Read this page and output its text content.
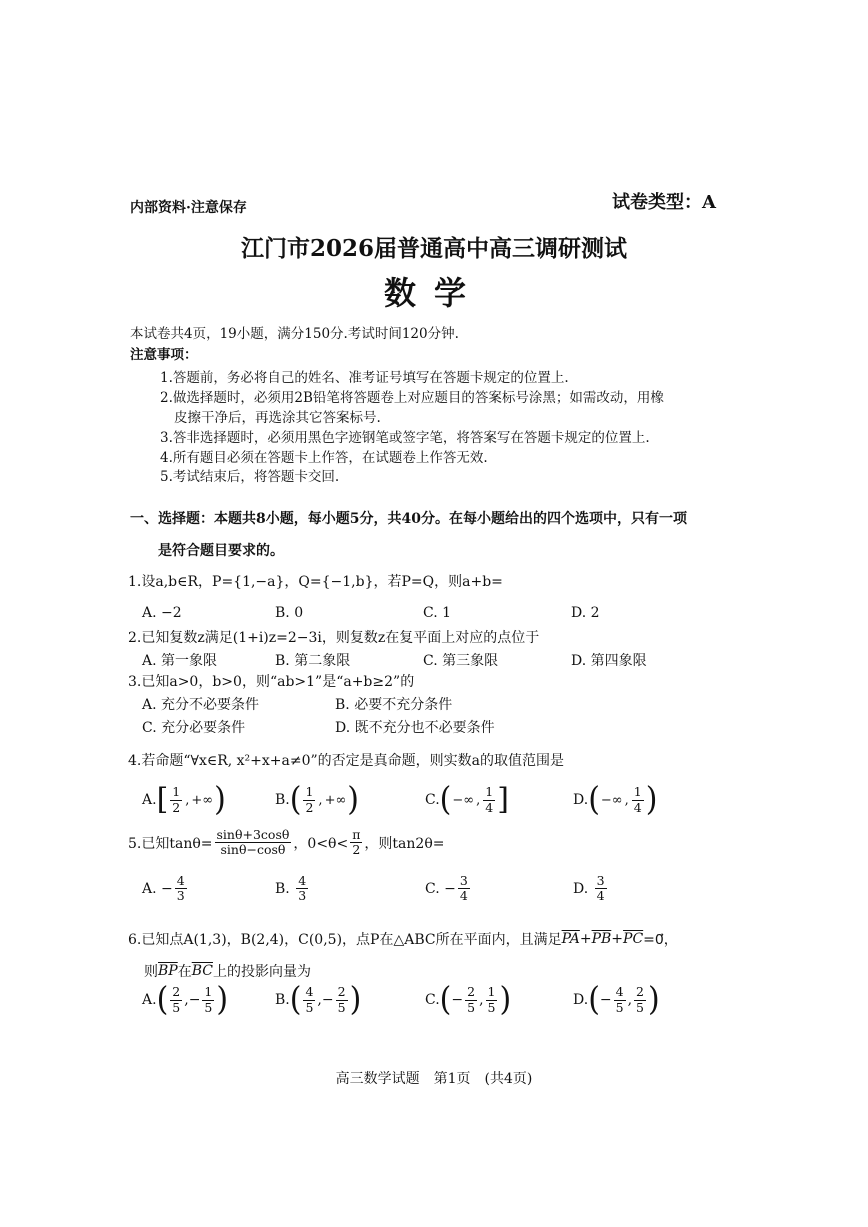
内部资料·注意保存	试卷类型：A
江门市2026届普通高中高三调研测试
数学
本试卷共4页，19小题，满分150分.考试时间120分钟.
注意事项：
1.答题前，务必将自己的姓名、准考证号填写在答题卡规定的位置上.
2.做选择题时，必须用2B铅笔将答题卷上对应题目的答案标号涂黑；如需改动，用橡
皮擦干净后，再选涂其它答案标号.
3.答非选择题时，必须用黑色字迹钢笔或签字笔，将答案写在答题卡规定的位置上.
4.所有题目必须在答题卡上作答，在试题卷上作答无效.
5.考试结束后，将答题卡交回.
一、选择题：本题共8小题，每小题5分，共40分。在每小题给出的四个选项中，只有一项
是符合题目要求的。
1.设a,b∈R，P={1,−a}，Q={−1,b}，若P=Q，则a+b=
A. −2	B. 0	C. 1	D. 2
2.已知复数z满足(1+i)z=2−3i，则复数z在复平面上对应的点位于
A. 第一象限	B. 第二象限	C. 第三象限	D. 第四象限
3.已知a>0，b>0，则“ab>1”是“a+b≥2”的
A. 充分不必要条件	B. 必要不充分条件
C. 充分必要条件	D. 既不充分也不必要条件
4.若命题“∀x∈R, x²+x+a≠0”的否定是真命题，则实数a的取值范围是
A. [ $\frac{1}{2}$ , +∞ )	B. ( $\frac{1}{2}$ , +∞ )	C. ( −∞ , $\frac{1}{4}$ ]	D. ( −∞ , $\frac{1}{4}$ )
5.已知$\tan\theta= \frac{\sin\theta+3\cos\theta}{\sin\theta-\cos\theta}$ ，$0<\theta< \frac{\pi}{2}$ ，则tan2θ=
A.
− $\frac{4}{3}$	B.
$\frac{4}{3}$	C.
− $\frac{3}{4}$	D.
$\frac{3}{4}$
6.已知点A(1,3)，B(2,4)，C(0,5)，点P在△ABC所在平面内，且满足 $\overline{PA} + \overline{PB} + \overline{PC}$ =0⃗，
则 $\overline{BP}$ 在 $\overline{BC}$ 上的投影向量为
A. ( $\frac{2}{5}$ , − $\frac{1}{5}$ )	B. ( $\frac{4}{5}$ , − $\frac{2}{5}$ )	C. ( − $\frac{2}{5}$ , $\frac{1}{5}$ )	D. ( − $\frac{4}{5}$ , $\frac{2}{5}$ )
高三数学试题　第1页　(共4页)
